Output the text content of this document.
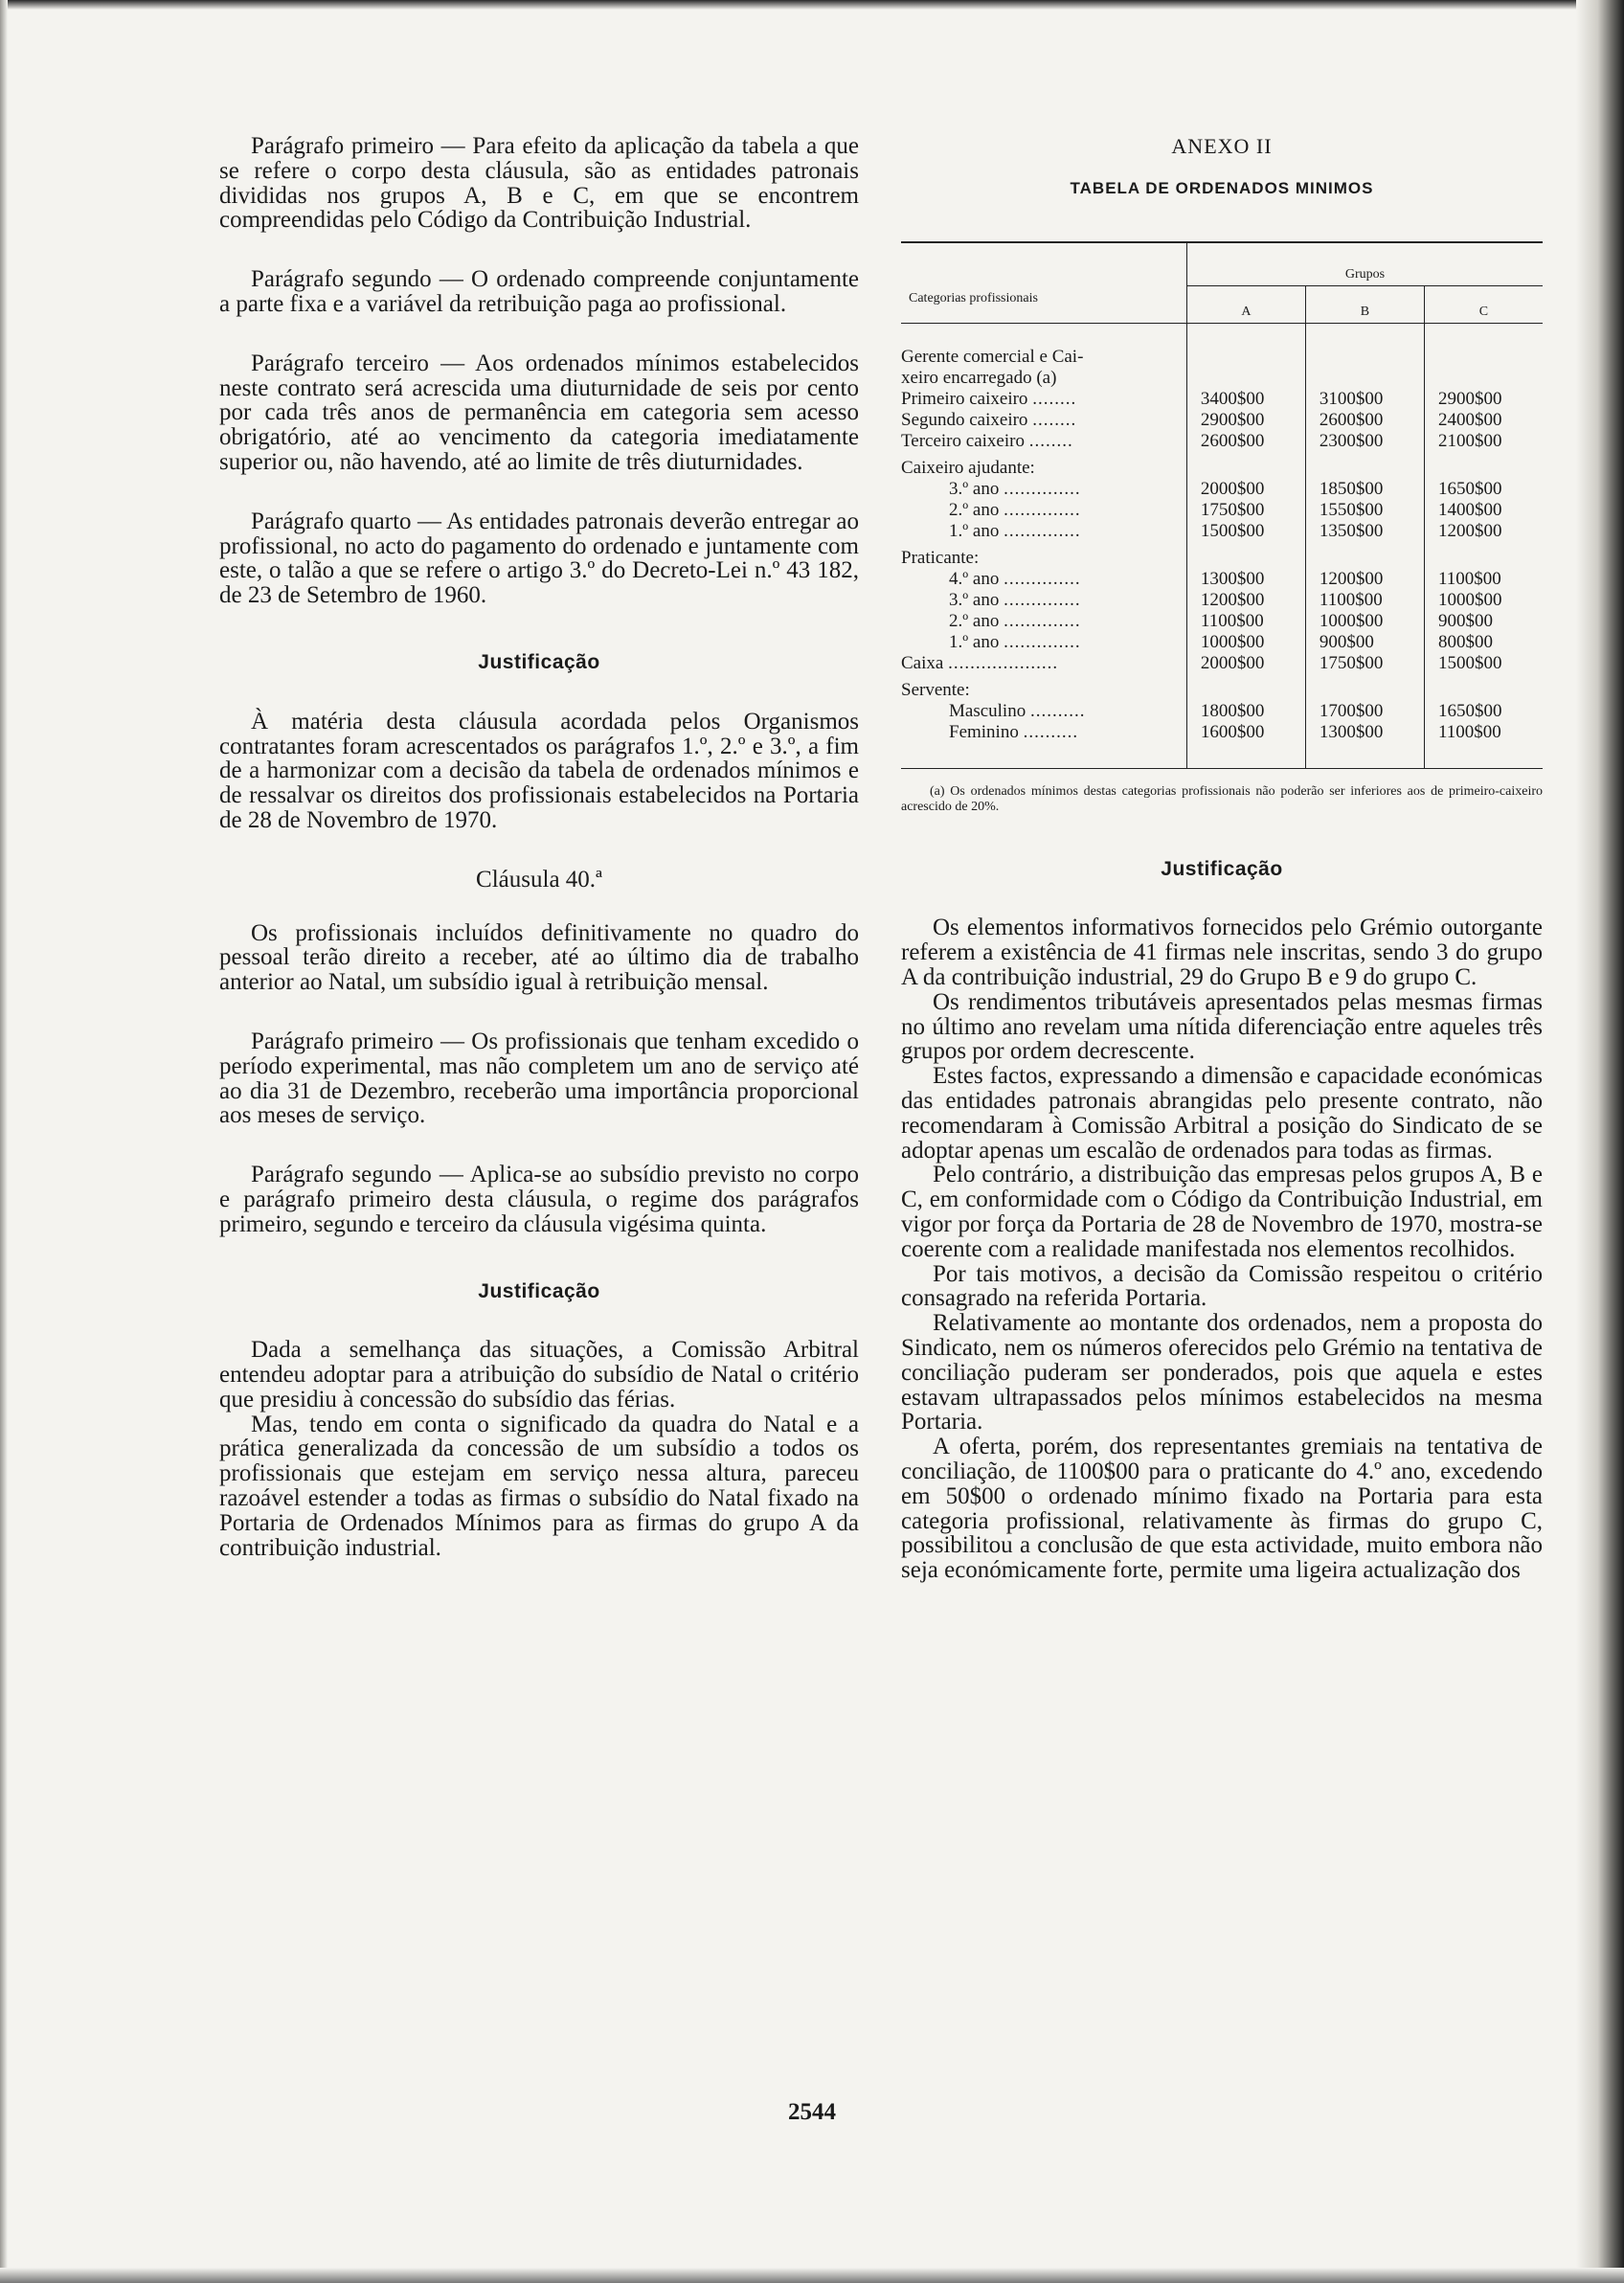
Parágrafo primeiro — Para efeito da aplicação da tabela a que se refere o corpo desta cláusula, são as entidades patronais divididas nos grupos A, B e C, em que se encontrem compreendidas pelo Código da Contribuição Industrial.

Parágrafo segundo — O ordenado compreende conjuntamente a parte fixa e a variável da retribuição paga ao profissional.

Parágrafo terceiro — Aos ordenados mínimos estabelecidos neste contrato será acrescida uma diuturnidade de seis por cento por cada três anos de permanência em categoria sem acesso obrigatório, até ao vencimento da categoria imediatamente superior ou, não havendo, até ao limite de três diuturnidades.

Parágrafo quarto — As entidades patronais deverão entregar ao profissional, no acto do pagamento do ordenado e juntamente com este, o talão a que se refere o artigo 3.º do Decreto-Lei n.º 43 182, de 23 de Setembro de 1960.

Justificação

À matéria desta cláusula acordada pelos Organismos contratantes foram acrescentados os parágrafos 1.º, 2.º e 3.º, a fim de a harmonizar com a decisão da tabela de ordenados mínimos e de ressalvar os direitos dos profissionais estabelecidos na Portaria de 28 de Novembro de 1970.

Cláusula 40.ª

Os profissionais incluídos definitivamente no quadro do pessoal terão direito a receber, até ao último dia de trabalho anterior ao Natal, um subsídio igual à retribuição mensal.

Parágrafo primeiro — Os profissionais que tenham excedido o período experimental, mas não completem um ano de serviço até ao dia 31 de Dezembro, receberão uma importância proporcional aos meses de serviço.

Parágrafo segundo — Aplica-se ao subsídio previsto no corpo e parágrafo primeiro desta cláusula, o regime dos parágrafos primeiro, segundo e terceiro da cláusula vigésima quinta.

Justificação

Dada a semelhança das situações, a Comissão Arbitral entendeu adoptar para a atribuição do subsídio de Natal o critério que presidiu à concessão do subsídio das férias.

Mas, tendo em conta o significado da quadra do Natal e a prática generalizada da concessão de um subsídio a todos os profissionais que estejam em serviço nessa altura, pareceu razoável estender a todas as firmas o subsídio do Natal fixado na Portaria de Ordenados Mínimos para as firmas do grupo A da contribuição industrial.

ANEXO II

TABELA DE ORDENADOS MINIMOS

Categorias profissionais	Grupos		
	A	B	C

Gerente comercial e Cai-			
xeiro encarregado (a)			
Primeiro caixeiro ........	3400$00	3100$00	2900$00
Segundo caixeiro ........	2900$00	2600$00	2400$00
Terceiro caixeiro ........	2600$00	2300$00	2100$00
Caixeiro ajudante:			
3.º ano ..............	2000$00	1850$00	1650$00
2.º ano ..............	1750$00	1550$00	1400$00
1.º ano ..............	1500$00	1350$00	1200$00
Praticante:			
4.º ano ..............	1300$00	1200$00	1100$00
3.º ano ..............	1200$00	1100$00	1000$00
2.º ano ..............	1100$00	1000$00	900$00
1.º ano ..............	1000$00	900$00	800$00
Caixa ....................	2000$00	1750$00	1500$00
Servente:			
Masculino ..........	1800$00	1700$00	1650$00
Feminino ..........	1600$00	1300$00	1100$00

(a) Os ordenados mínimos destas categorias profissionais não poderão ser inferiores aos de primeiro-caixeiro acrescido de 20%.

Justificação

Os elementos informativos fornecidos pelo Grémio outorgante referem a existência de 41 firmas nele inscritas, sendo 3 do grupo A da contribuição industrial, 29 do Grupo B e 9 do grupo C.

Os rendimentos tributáveis apresentados pelas mesmas firmas no último ano revelam uma nítida diferenciação entre aqueles três grupos por ordem decrescente.

Estes factos, expressando a dimensão e capacidade económicas das entidades patronais abrangidas pelo presente contrato, não recomendaram à Comissão Arbitral a posição do Sindicato de se adoptar apenas um escalão de ordenados para todas as firmas.

Pelo contrário, a distribuição das empresas pelos grupos A, B e C, em conformidade com o Código da Contribuição Industrial, em vigor por força da Portaria de 28 de Novembro de 1970, mostra-se coerente com a realidade manifestada nos elementos recolhidos.

Por tais motivos, a decisão da Comissão respeitou o critério consagrado na referida Portaria.

Relativamente ao montante dos ordenados, nem a proposta do Sindicato, nem os números oferecidos pelo Grémio na tentativa de conciliação puderam ser ponderados, pois que aquela e estes estavam ultrapassados pelos mínimos estabelecidos na mesma Portaria.

A oferta, porém, dos representantes gremiais na tentativa de conciliação, de 1100$00 para o praticante do 4.º ano, excedendo em 50$00 o ordenado mínimo fixado na Portaria para esta categoria profissional, relativamente às firmas do grupo C, possibilitou a conclusão de que esta actividade, muito embora não seja económicamente forte, permite uma ligeira actualização dos

2544
